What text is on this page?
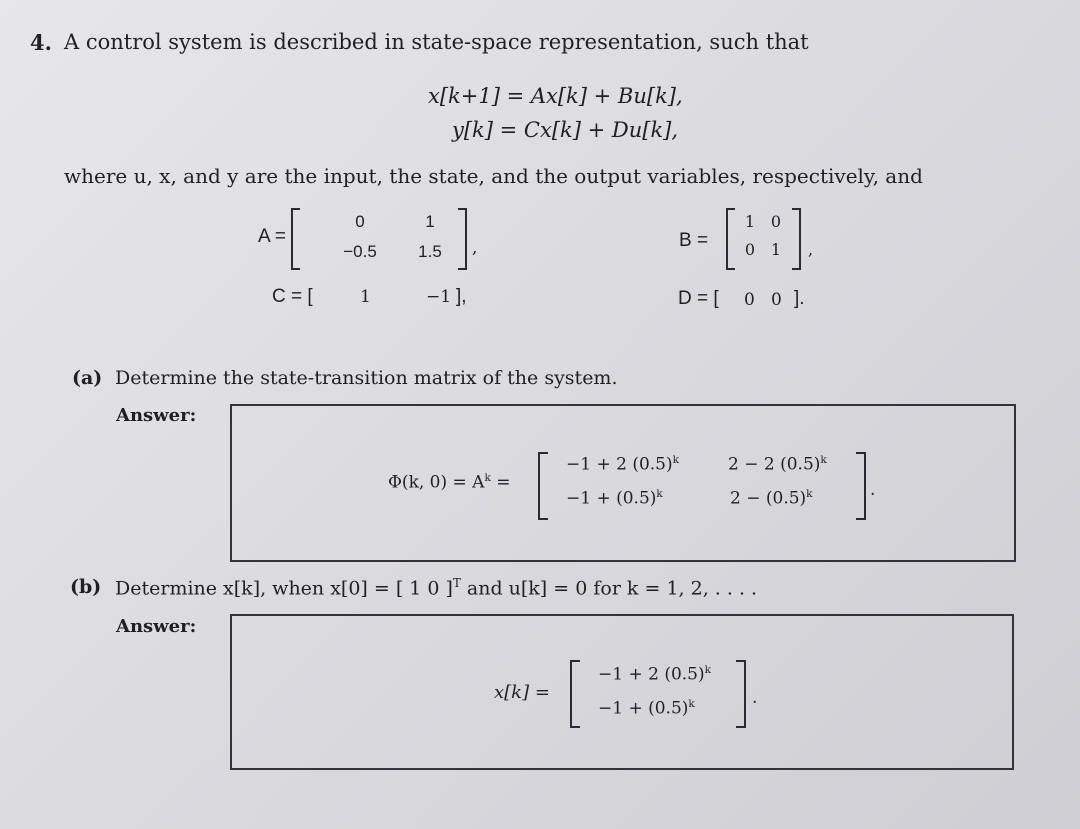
4. A control system is described in state-space representation, such that
x[k+1] = Ax[k] + Bu[k],
y[k] = Cx[k] + Du[k],
where u, x, and y are the input, the state, and the output variables, respectively, and
A =
0	1
−0.5	1.5	,	B =
1 0
0 1	,
C = [	1	−1 ],	D = [ 0   0 ].
(a) Determine the state-transition matrix of the system.
Answer:
Φ(k, $0) = A^k$ =
−1 + 2 $(0.5)^k$	2 − 2 $(0.5)^k$
$-1 + (0.5)^k$	$2 - (0.5)^k$	.
(b) Determine x[k], when x[0] = [ 1 0 ]$^T$ and u[k] = 0 for k = 1, 2, . . . .
Answer:
x[k] =
−1 + 2 $(0.5)^k$
$-1 + (0.5)^k$	.
